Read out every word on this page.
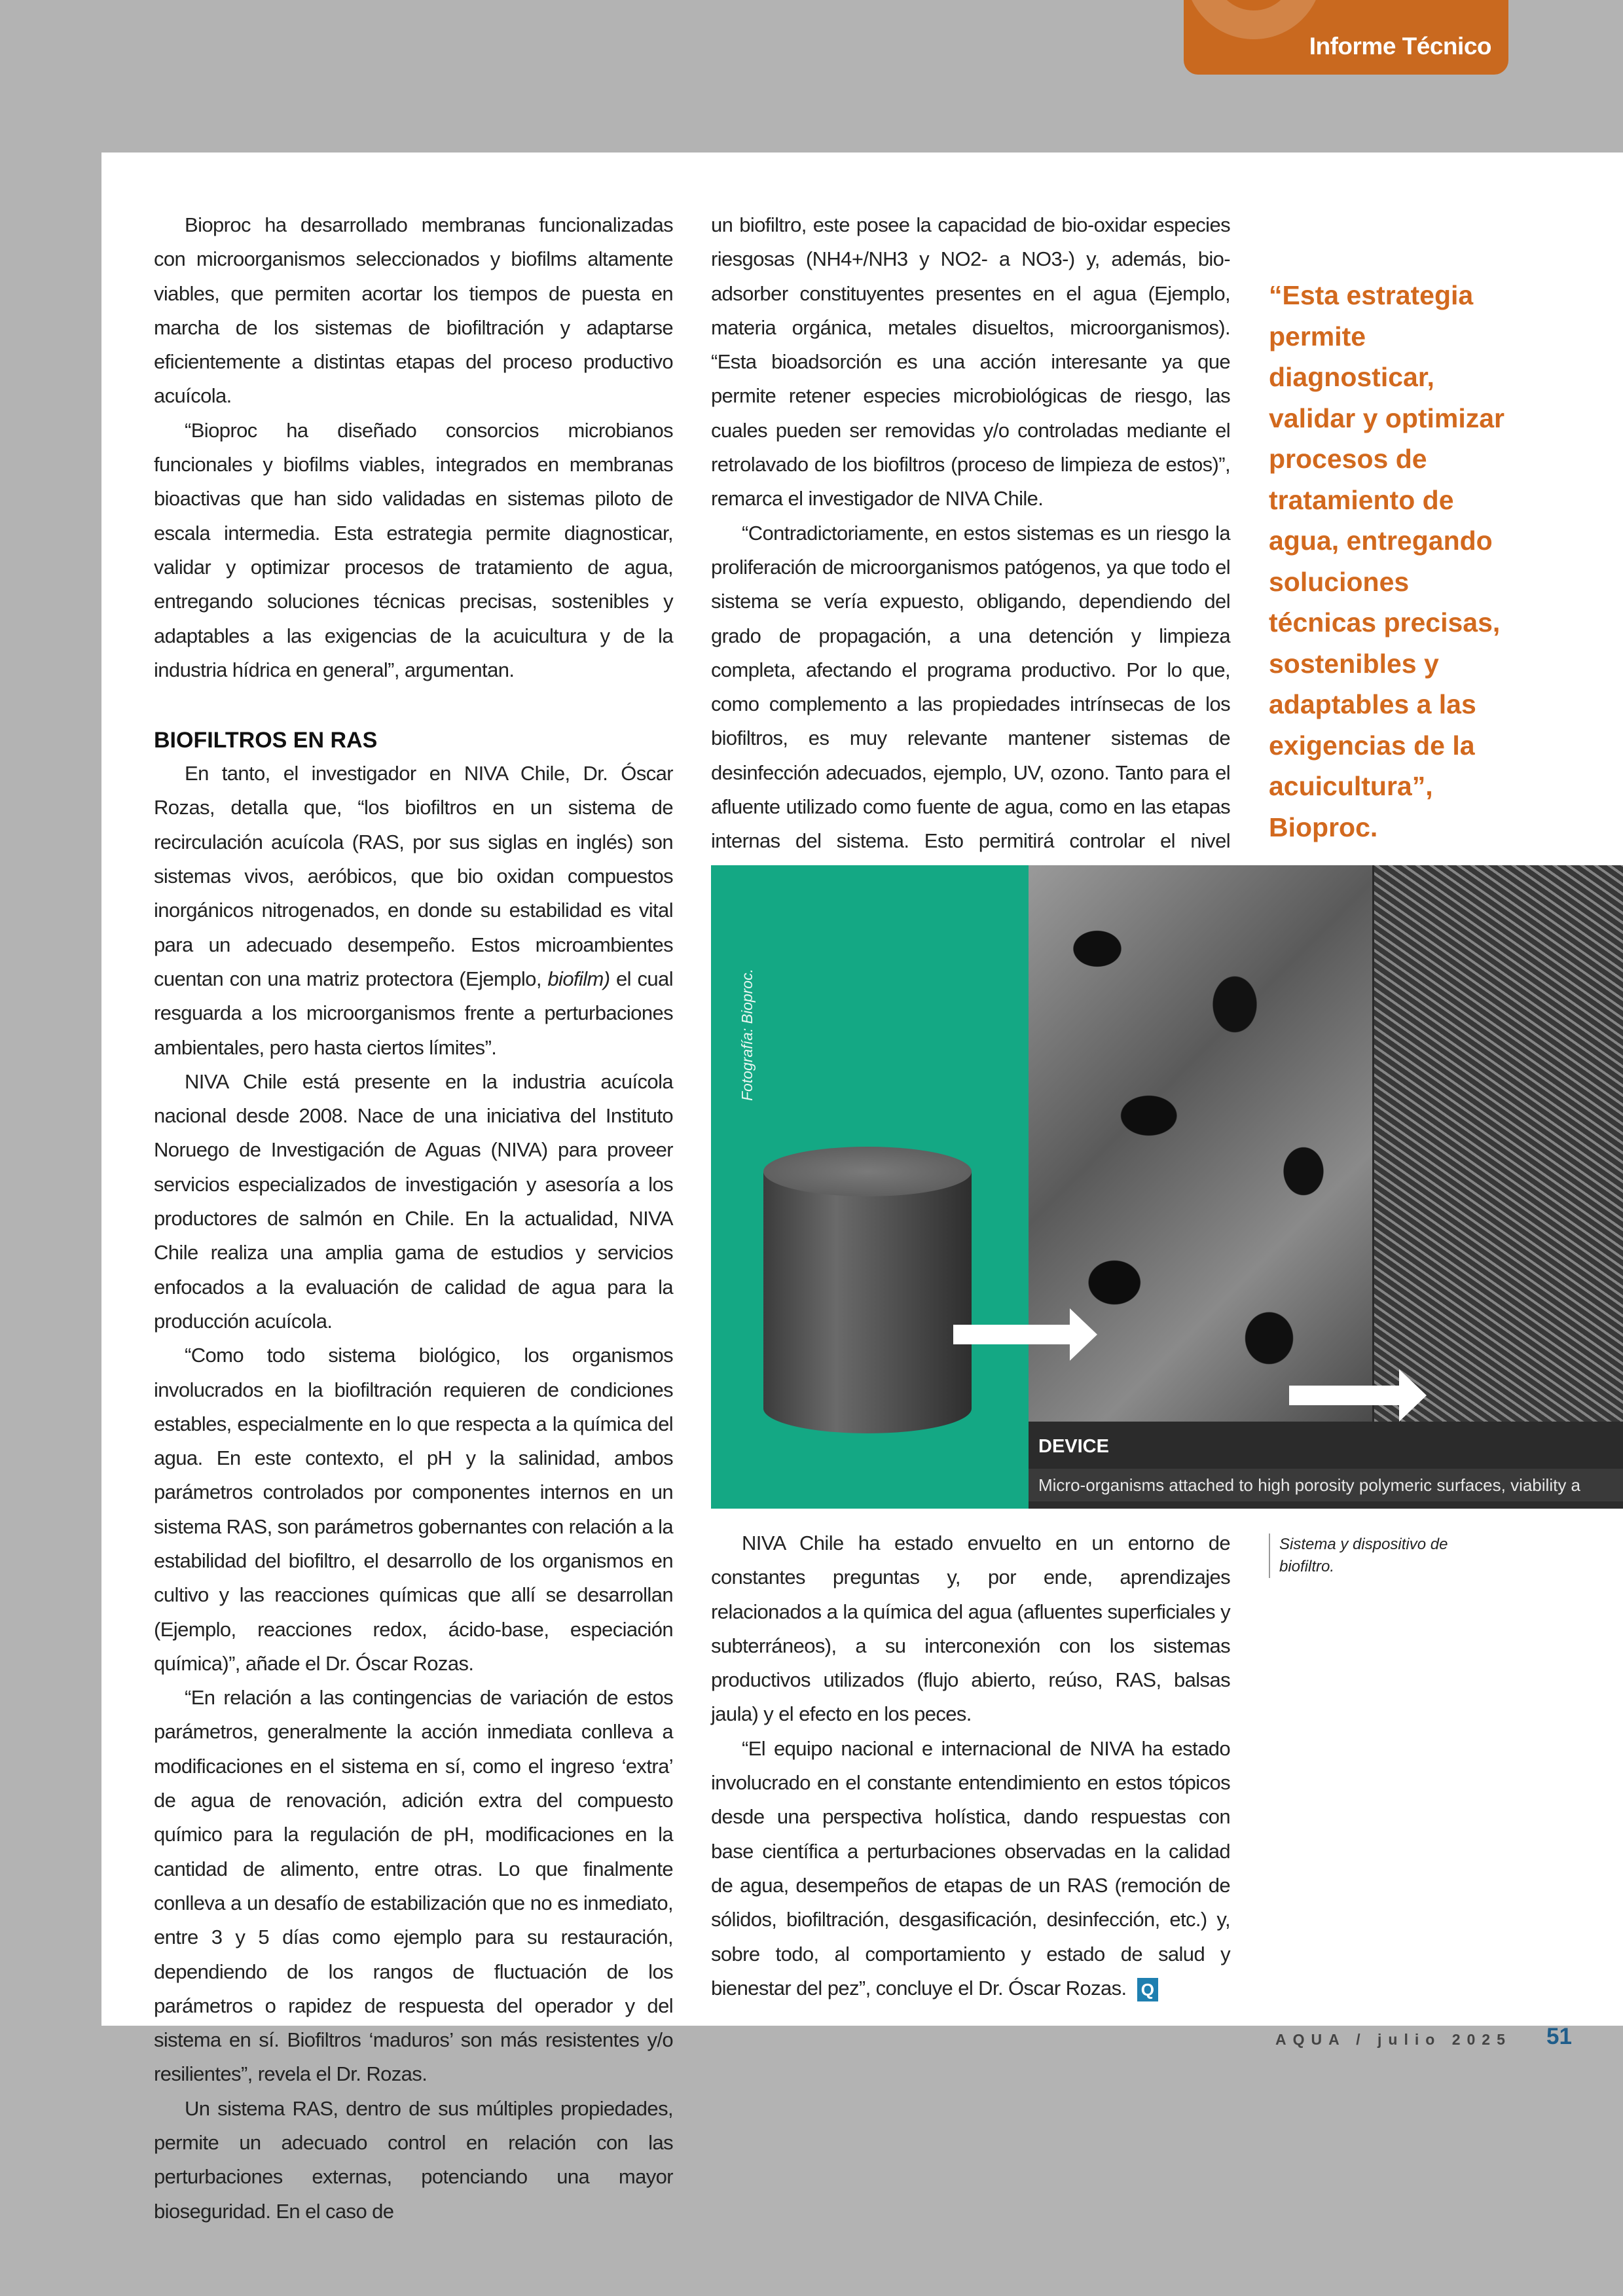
Informe Técnico

Bioproc ha desarrollado membranas funcionalizadas con microorganismos seleccionados y biofilms altamente viables, que permiten acortar los tiempos de puesta en marcha de los sistemas de biofiltración y adaptarse eficientemente a distintas etapas del proceso productivo acuícola.

“Bioproc ha diseñado consorcios microbianos funcionales y biofilms viables, integrados en membranas bioactivas que han sido validadas en sistemas piloto de escala intermedia. Esta estrategia permite diagnosticar, validar y optimizar procesos de tratamiento de agua, entregando soluciones técnicas precisas, sostenibles y adaptables a las exigencias de la acuicultura y de la industria hídrica en general”, argumentan.

BIOFILTROS EN RAS

En tanto, el investigador en NIVA Chile, Dr. Óscar Rozas, detalla que, “los biofiltros en un sistema de recirculación acuícola (RAS, por sus siglas en inglés) son sistemas vivos, aeróbicos, que bio oxidan compuestos inorgánicos nitrogenados, en donde su estabilidad es vital para un adecuado desempeño. Estos microambientes cuentan con una matriz protectora (Ejemplo, biofilm) el cual resguarda a los microorganismos frente a perturbaciones ambientales, pero hasta ciertos límites”.

NIVA Chile está presente en la industria acuícola nacional desde 2008. Nace de una iniciativa del Instituto Noruego de Investigación de Aguas (NIVA) para proveer servicios especializados de investigación y asesoría a los productores de salmón en Chile. En la actualidad, NIVA Chile realiza una amplia gama de estudios y servicios enfocados a la evaluación de calidad de agua para la producción acuícola.

“Como todo sistema biológico, los organismos involucrados en la biofiltración requieren de condiciones estables, especialmente en lo que respecta a la química del agua. En este contexto, el pH y la salinidad, ambos parámetros controlados por componentes internos en un sistema RAS, son parámetros gobernantes con relación a la estabilidad del biofiltro, el desarrollo de los organismos en cultivo y las reacciones químicas que allí se desarrollan (Ejemplo, reacciones redox, ácido-base, especiación química)”, añade el Dr. Óscar Rozas.

“En relación a las contingencias de variación de estos parámetros, generalmente la acción inmediata conlleva a modificaciones en el sistema en sí, como el ingreso ‘extra’ de agua de renovación, adición extra del compuesto químico para la regulación de pH, modificaciones en la cantidad de alimento, entre otras. Lo que finalmente conlleva a un desafío de estabilización que no es inmediato, entre 3 y 5 días como ejemplo para su restauración, dependiendo de los rangos de fluctuación de los parámetros o rapidez de respuesta del operador y del sistema en sí. Biofiltros ‘maduros’ son más resistentes y/o resilientes”, revela el Dr. Rozas.

Un sistema RAS, dentro de sus múltiples propiedades, permite un adecuado control en relación con las perturbaciones externas, potenciando una mayor bioseguridad. En el caso de

un biofiltro, este posee la capacidad de bio-oxidar especies riesgosas (NH4+/NH3 y NO2- a NO3-) y, además, bio-adsorber constituyentes presentes en el agua (Ejemplo, materia orgánica, metales disueltos, microorganismos). “Esta bioadsorción es una acción interesante ya que permite retener especies microbiológicas de riesgo, las cuales pueden ser removidas y/o controladas mediante el retrolavado de los biofiltros (proceso de limpieza de estos)”, remarca el investigador de NIVA Chile.

“Contradictoriamente, en estos sistemas es un riesgo la proliferación de microorganismos patógenos, ya que todo el sistema se vería expuesto, obligando, dependiendo del grado de propagación, a una detención y limpieza completa, afectando el programa productivo. Por lo que, como complemento a las propiedades intrínsecas de los biofiltros, es muy relevante mantener sistemas de desinfección adecuados, ejemplo, UV, ozono. Tanto para el afluente utilizado como fuente de agua, como en las etapas internas del sistema. Esto permitirá controlar el nivel

“Esta estrategia permite diagnosticar, validar y optimizar procesos de tratamiento de agua, entregando soluciones técnicas precisas, sostenibles y adaptables a las exigencias de la acuicultura”, Bioproc.

Fotografía: Bioproc.
DEVICE
Micro-organisms attached to high porosity polymeric surfaces, viability a
Sistema y dispositivo de biofiltro.

NIVA Chile ha estado envuelto en un entorno de constantes preguntas y, por ende, aprendizajes relacionados a la química del agua (afluentes superficiales y subterráneos), a su interconexión con los sistemas productivos utilizados (flujo abierto, reúso, RAS, balsas jaula) y el efecto en los peces.

“El equipo nacional e internacional de NIVA ha estado involucrado en el constante entendimiento en estos tópicos desde una perspectiva holística, dando respuestas con base científica a perturbaciones observadas en la calidad de agua, desempeños de etapas de un RAS (remoción de sólidos, biofiltración, desgasificación, desinfección, etc.) y, sobre todo, al comportamiento y estado de salud y bienestar del pez”, concluye el Dr. Óscar Rozas. Q

AQUA / julio 2025 51
